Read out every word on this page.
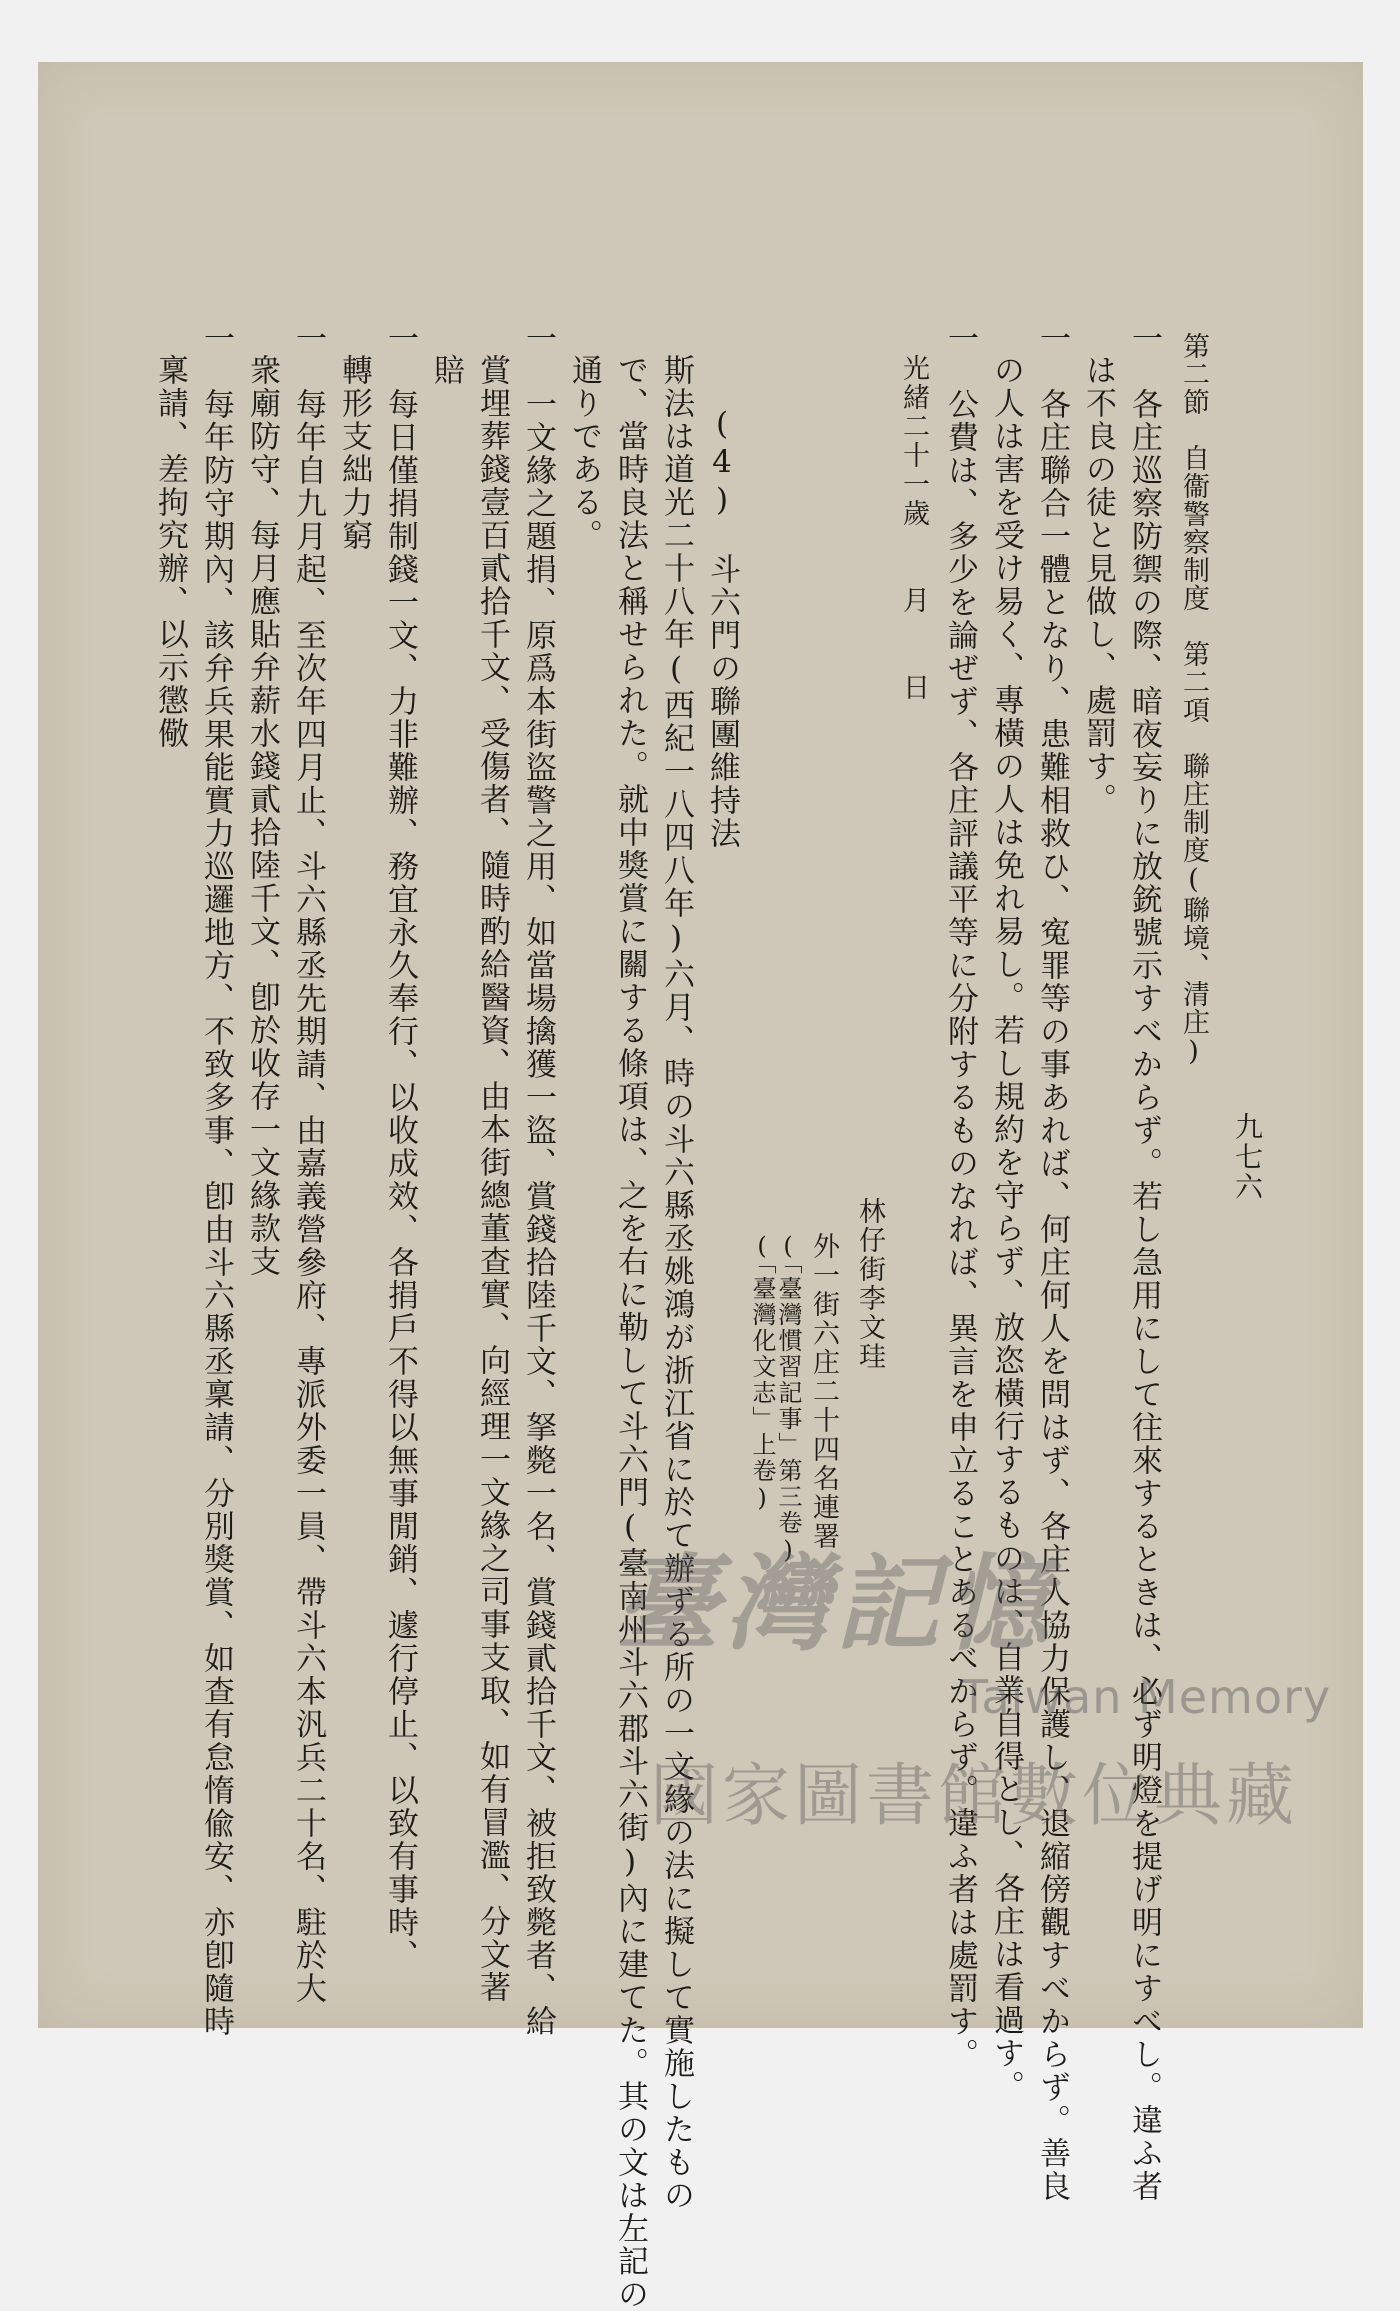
九七六
第二節　自衞警察制度　第二項　聯庄制度(聯境、清庄)
一　各庄巡察防禦の際、暗夜妄りに放銃號示すべからず。若し急用にして往來するときは、必ず明燈を提げ明にすべし。違ふ者
は不良の徒と見做し、處罰す。
一　各庄聯合一體となり、患難相救ひ、寃罪等の事あれば、何庄何人を問はず、各庄人協力保護し、退縮傍觀すべからず。善良
の人は害を受け易く、專橫の人は免れ易し。若し規約を守らず、放恣橫行するものは、自業自得とし、各庄は看過す。
一　公費は、多少を論ぜず、各庄評議平等に分附するものなれば、異言を申立ることあるべからず。違ふ者は處罰す。
光緒二十一歲　　月　　日
林仔街李文珪
外一街六庄二十四名連署
(「臺灣慣習記事」第三卷)
(「臺灣化文志」上卷)
(4)　斗六門の聯團維持法
斯法は道光二十八年(西紀一八四八年)六月、時の斗六縣丞姚鴻が浙江省に於て辦ずる所の一文緣の法に擬して實施したもの
で、當時良法と稱せられた。就中獎賞に關する條項は、之を右に勒して斗六門(臺南州斗六郡斗六街)內に建てた。其の文は左記の
通りである。
一　一文緣之題捐、原爲本街盜警之用、如當場擒獲一盜、賞錢拾陸千文、拏斃一名、賞錢貳拾千文、被拒致斃者、給
賞埋葬錢壹百貳拾千文、受傷者、隨時酌給醫資、由本街總董查實、向經理一文緣之司事支取、如有冒濫、分文著
賠
一　每日僅捐制錢一文、力非難辦、務宜永久奉行、以收成效、各捐戶不得以無事閒銷、遽行停止、以致有事時、
轉形支絀力窮
一　每年自九月起、至次年四月止、斗六縣丞先期請、由嘉義營參府、專派外委一員、帶斗六本汎兵二十名、駐於大
衆廟防守、每月應貼弁薪水錢貳拾陸千文、卽於收存一文緣款支
一　每年防守期內、該弁兵果能實力巡邏地方、不致多事、卽由斗六縣丞稟請、分別獎賞、如查有怠惰偸安、亦卽隨時
稟請、差拘究辦、以示懲儆
臺灣記憶
Taiwan Memory
國家圖書館數位典藏
